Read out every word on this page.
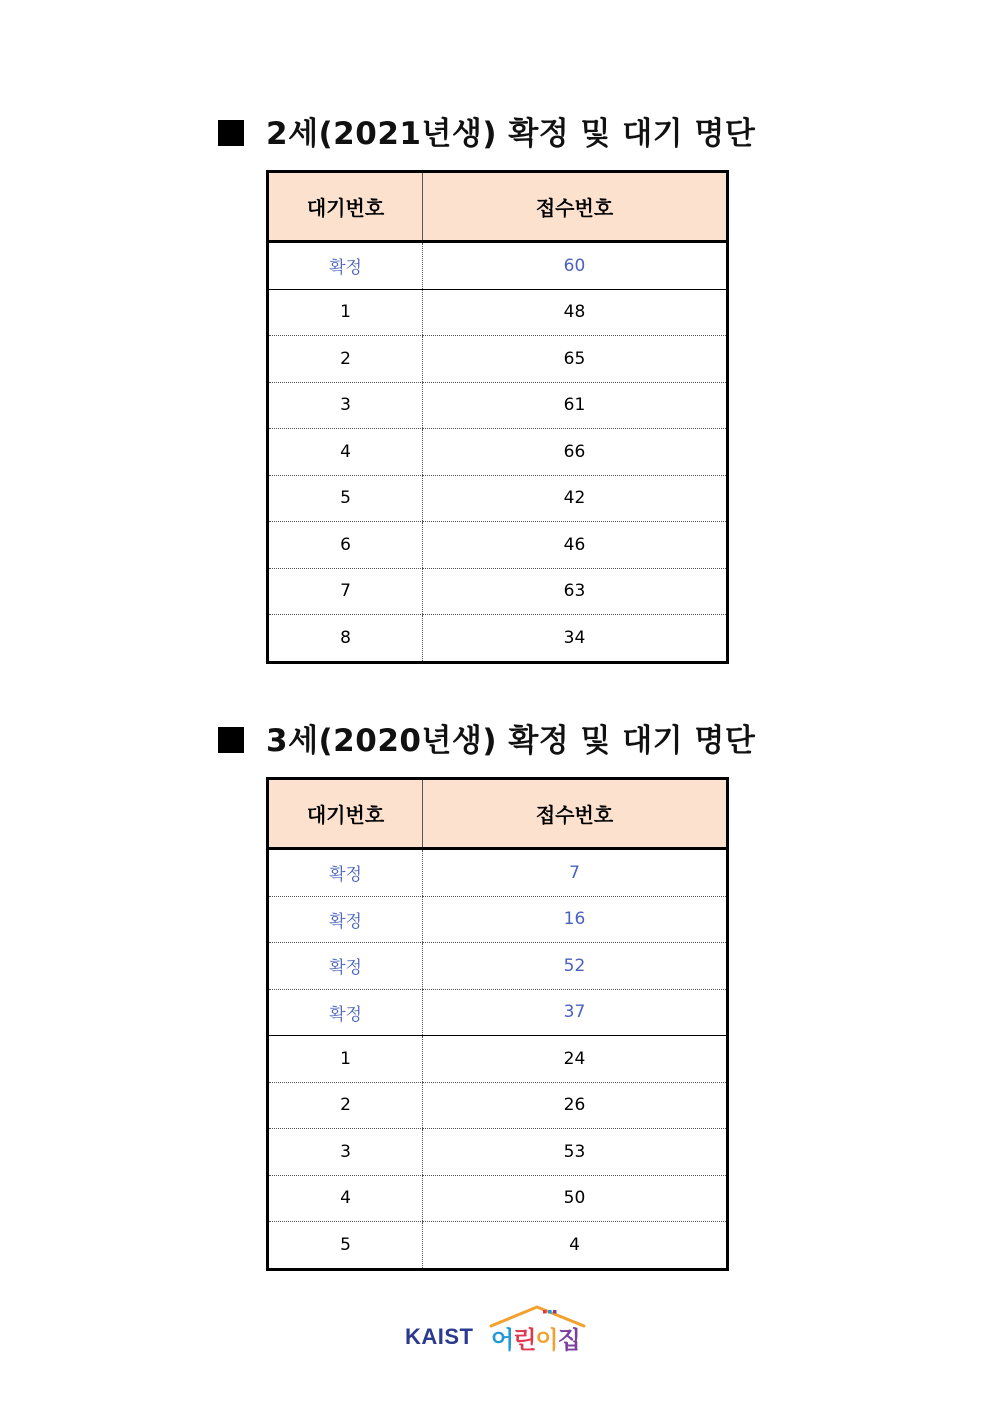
2세(2021년생) 확정 및 대기 명단
대기번호	접수번호
확정	60
1	48
2	65
3	61
4	66
5	42
6	46
7	63
8	34
3세(2020년생) 확정 및 대기 명단
대기번호	접수번호
확정	7
확정	16
확정	52
확정	37
1	24
2	26
3	53
4	50
5	4
KAIST 어린이집
